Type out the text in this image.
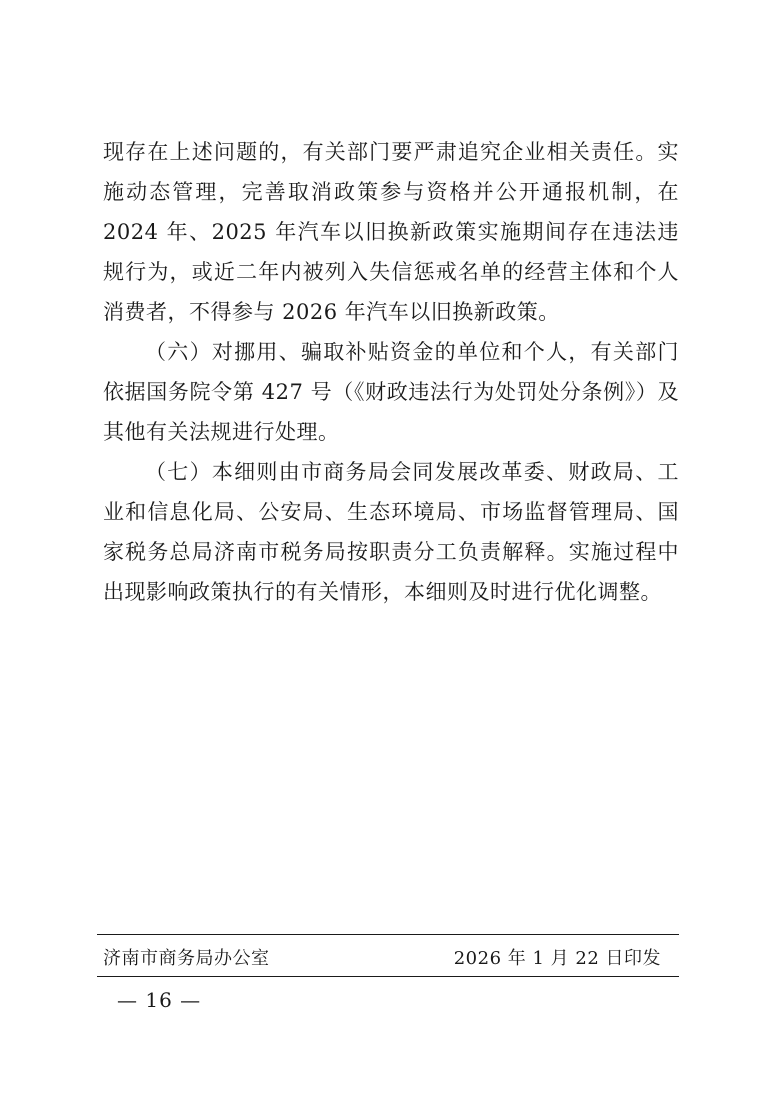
现存在上述问题的，有关部门要严肃追究企业相关责任。实施动态管理，完善取消政策参与资格并公开通报机制，在 2024 年、2025 年汽车以旧换新政策实施期间存在违法违规行为，或近二年内被列入失信惩戒名单的经营主体和个人消费者，不得参与 2026 年汽车以旧换新政策。

（六）对挪用、骗取补贴资金的单位和个人，有关部门依据国务院令第 427 号（《财政违法行为处罚处分条例》）及其他有关法规进行处理。

（七）本细则由市商务局会同发展改革委、财政局、工业和信息化局、公安局、生态环境局、市场监督管理局、国家税务总局济南市税务局按职责分工负责解释。实施过程中出现影响政策执行的有关情形，本细则及时进行优化调整。

济南市商务局办公室	2026 年 1 月 22 日印发
— 16 —
